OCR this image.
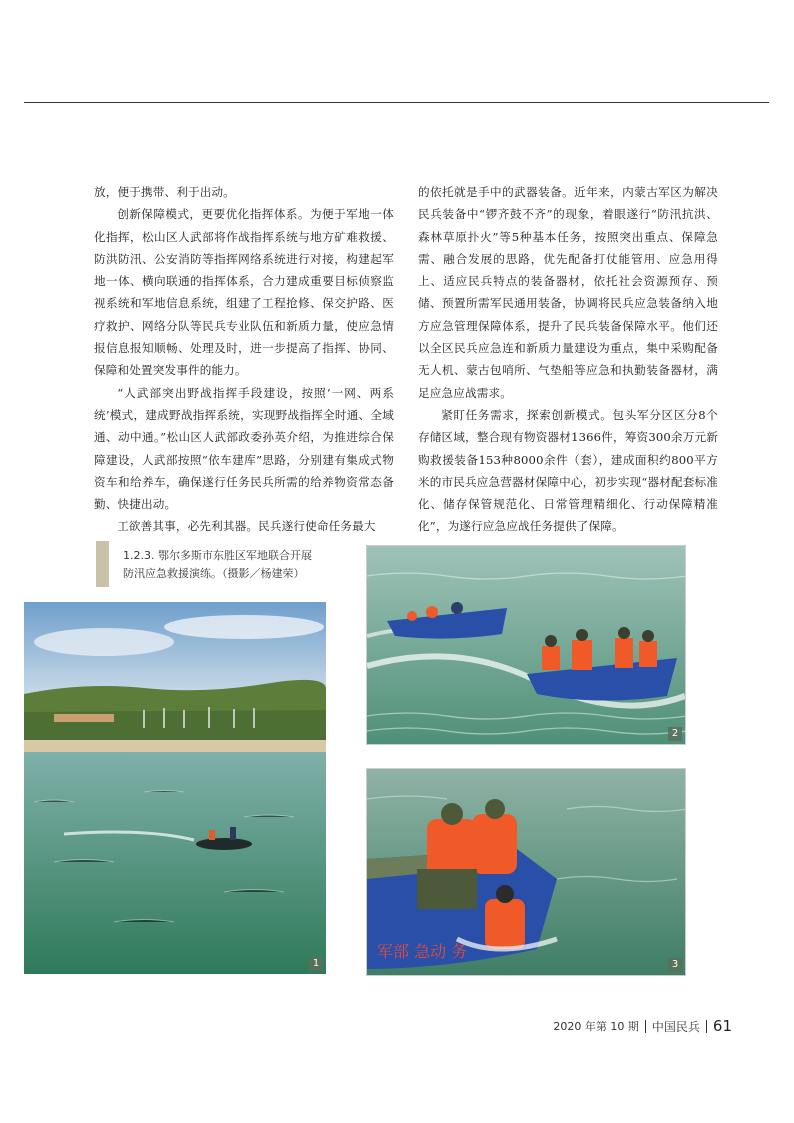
放，便于携带、利于出动。

创新保障模式，更要优化指挥体系。为便于军地一体化指挥，松山区人武部将作战指挥系统与地方矿难救援、防洪防汛、公安消防等指挥网络系统进行对接，构建起军地一体、横向联通的指挥体系，合力建成重要目标侦察监视系统和军地信息系统，组建了工程抢修、保交护路、医疗救护、网络分队等民兵专业队伍和新质力量，使应急情报信息报知顺畅、处理及时，进一步提高了指挥、协同、保障和处置突发事件的能力。

“人武部突出野战指挥手段建设，按照‘一网、两系统’模式，建成野战指挥系统，实现野战指挥全时通、全域通、动中通。”松山区人武部政委孙英介绍，为推进综合保障建设，人武部按照“依车建库”思路，分别建有集成式物资车和给养车，确保遂行任务民兵所需的给养物资常态备勤、快捷出动。

工欲善其事，必先利其器。民兵遂行使命任务最大

的依托就是手中的武器装备。近年来，内蒙古军区为解决民兵装备中“锣齐鼓不齐”的现象，着眼遂行“防汛抗洪、森林草原扑火”等5种基本任务，按照突出重点、保障急需、融合发展的思路，优先配备打仗能管用、应急用得上、适应民兵特点的装备器材，依托社会资源预存、预储、预置所需军民通用装备，协调将民兵应急装备纳入地方应急管理保障体系，提升了民兵装备保障水平。他们还以全区民兵应急连和新质力量建设为重点，集中采购配备无人机、蒙古包哨所、气垫船等应急和执勤装备器材，满足应急应战需求。

紧盯任务需求，探索创新模式。包头军分区区分8个存储区域，整合现有物资器材1366件，筹资300余万元新购救援装备153种8000余件（套），建成面积约800平方米的市民兵应急营器材保障中心，初步实现“器材配套标准化、储存保管规范化、日常管理精细化、行动保障精准化”，为遂行应急应战任务提供了保障。

1.2.3. 鄂尔多斯市东胜区军地联合开展
防汛应急救援演练。（摄影／杨建荣）
1
2
军部 急动 务
3
2020 年第 10 期 中国民兵 61
